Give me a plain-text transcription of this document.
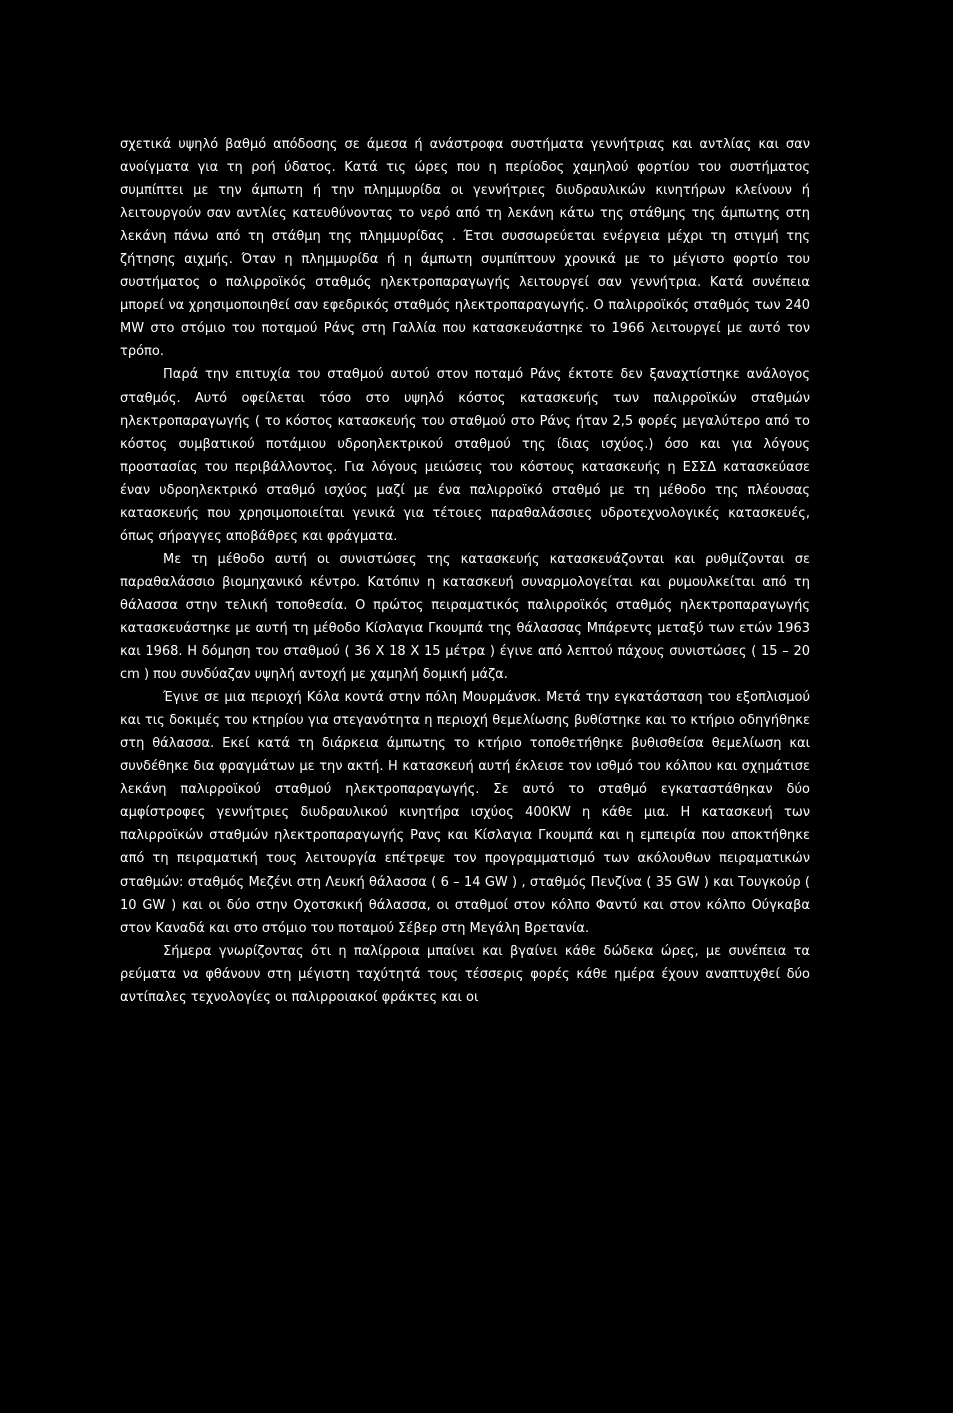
σχετικά υψηλό βαθμό απόδοσης σε άμεσα ή ανάστροφα συστήματα γεννήτριας και αντλίας και σαν ανοίγματα για τη ροή ύδατος. Κατά τις ώρες που η περίοδος χαμηλού φορτίου του συστήματος συμπίπτει με την άμπωτη ή την πλημμυρίδα οι γεννήτριες διυδραυλικών κινητήρων κλείνουν ή λειτουργούν σαν αντλίες κατευθύνοντας το νερό από τη λεκάνη κάτω της στάθμης της άμπωτης στη λεκάνη πάνω από τη στάθμη της πλημμυρίδας . Έτσι συσσωρεύεται ενέργεια μέχρι τη στιγμή της ζήτησης αιχμής. Όταν η πλημμυρίδα ή η άμπωτη συμπίπτουν χρονικά με το μέγιστο φορτίο του συστήματος ο παλιρροϊκός σταθμός ηλεκτροπαραγωγής λειτουργεί σαν γεννήτρια. Κατά συνέπεια μπορεί να χρησιμοποιηθεί σαν εφεδρικός σταθμός ηλεκτροπαραγωγής. Ο παλιρροϊκός σταθμός των 240 MW στο στόμιο του ποταμού Ράνς στη Γαλλία που κατασκευάστηκε το 1966 λειτουργεί με αυτό τον τρόπο.

Παρά την επιτυχία του σταθμού αυτού στον ποταμό Ράνς έκτοτε δεν ξαναχτίστηκε ανάλογος σταθμός. Αυτό οφείλεται τόσο στο υψηλό κόστος κατασκευής των παλιρροϊκών σταθμών ηλεκτροπαραγωγής ( το κόστος κατασκευής του σταθμού στο Ράνς ήταν 2,5 φορές μεγαλύτερο από το κόστος συμβατικού ποτάμιου υδροηλεκτρικού σταθμού της ίδιας ισχύος.) όσο και για λόγους προστασίας του περιβάλλοντος. Για λόγους μειώσεις του κόστους κατασκευής η ΕΣΣΔ κατασκεύασε έναν υδροηλεκτρικό σταθμό ισχύος μαζί με ένα παλιρροϊκό σταθμό με τη μέθοδο της πλέουσας κατασκευής που χρησιμοποιείται γενικά για τέτοιες παραθαλάσσιες υδροτεχνολογικές κατασκευές, όπως σήραγγες αποβάθρες και φράγματα.

Με τη μέθοδο αυτή οι συνιστώσες της κατασκευής κατασκευάζονται και ρυθμίζονται σε παραθαλάσσιο βιομηχανικό κέντρο. Κατόπιν η κατασκευή συναρμολογείται και ρυμουλκείται από τη θάλασσα στην τελική τοποθεσία. Ο πρώτος πειραματικός παλιρροϊκός σταθμός ηλεκτροπαραγωγής κατασκευάστηκε με αυτή τη μέθοδο Κίσλαγια Γκουμπά της θάλασσας Μπάρεντς μεταξύ των ετών 1963 και 1968. Η δόμηση του σταθμού ( 36 Χ 18 Χ 15 μέτρα ) έγινε από λεπτού πάχους συνιστώσες ( 15 – 20 cm ) που συνδύαζαν υψηλή αντοχή με χαμηλή δομική μάζα.

Έγινε σε μια περιοχή Κόλα κοντά στην πόλη Μουρμάνσκ. Μετά την εγκατάσταση του εξοπλισμού και τις δοκιμές του κτηρίου για στεγανότητα η περιοχή θεμελίωσης βυθίστηκε και το κτήριο οδηγήθηκε στη θάλασσα. Εκεί κατά τη διάρκεια άμπωτης το κτήριο τοποθετήθηκε βυθισθείσα θεμελίωση και συνδέθηκε δια φραγμάτων με την ακτή. Η κατασκευή αυτή έκλεισε τον ισθμό του κόλπου και σχημάτισε λεκάνη παλιρροϊκού σταθμού ηλεκτροπαραγωγής. Σε αυτό το σταθμό εγκαταστάθηκαν δύο αμφίστροφες γεννήτριες διυδραυλικού κινητήρα ισχύος 400KW η κάθε μια. Η κατασκευή των παλιρροϊκών σταθμών ηλεκτροπαραγωγής Ρανς και Κίσλαγια Γκουμπά και η εμπειρία που αποκτήθηκε από τη πειραματική τους λειτουργία επέτρεψε τον προγραμματισμό των ακόλουθων πειραματικών σταθμών: σταθμός Μεζένι στη Λευκή θάλασσα ( 6 – 14 GW ) , σταθμός Πενζίνα ( 35 GW ) και Τουγκούρ ( 10 GW ) και οι δύο στην Οχοτσκική θάλασσα, οι σταθμοί στον κόλπο Φαντύ και στον κόλπο Ούγκαβα στον Καναδά και στο στόμιο του ποταμού Σέβερ στη Μεγάλη Βρετανία.

Σήμερα γνωρίζοντας ότι η παλίρροια μπαίνει και βγαίνει κάθε δώδεκα ώρες, με συνέπεια τα ρεύματα να φθάνουν στη μέγιστη ταχύτητά τους τέσσερις φορές κάθε ημέρα έχουν αναπτυχθεί δύο αντίπαλες τεχνολογίες οι παλιρροιακοί φράκτες και οι
